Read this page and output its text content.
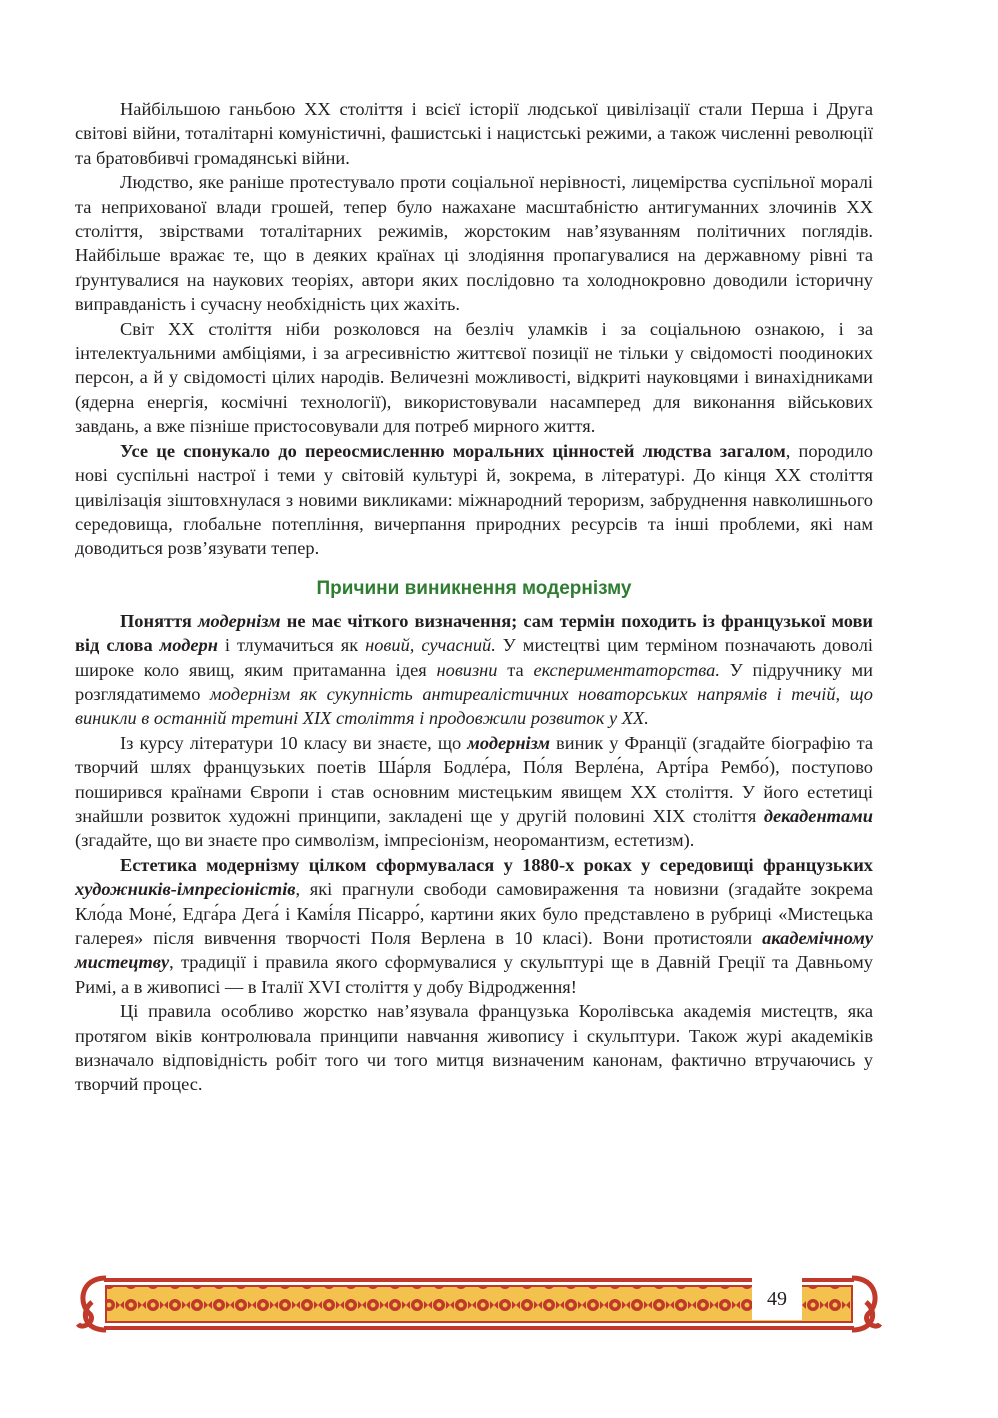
Найбільшою ганьбою XX століття і всієї історії людської цивілізації стали Перша і Друга світові війни, тоталітарні комуністичні, фашистські і нацистські режими, а також численні революції та братовбивчі громадянські війни.

Людство, яке раніше протестувало проти соціальної нерівності, лицемірства суспільної моралі та неприхованої влади грошей, тепер було нажахане масштабністю антигуманних злочинів XX століття, звірствами тоталітарних режимів, жорстоким нав’язуванням політичних поглядів. Найбільше вражає те, що в деяких країнах ці злодіяння пропагувалися на державному рівні та ґрунтувалися на наукових теоріях, автори яких послідовно та холоднокровно доводили історичну виправданість і сучасну необхідність цих жахіть.

Світ XX століття ніби розколовся на безліч уламків і за соціальною ознакою, і за інтелектуальними амбіціями, і за агресивністю життєвої позиції не тільки у свідомості поодиноких персон, а й у свідомості цілих народів. Величезні можливості, відкриті науковцями і винахідниками (ядерна енергія, космічні технології), використовували насамперед для виконання військових завдань, а вже пізніше пристосовували для потреб мирного життя.

Усе це спонукало до переосмисленню моральних цінностей людства загалом, породило нові суспільні настрої і теми у світовій культурі й, зокрема, в літературі. До кінця XX століття цивілізація зіштовхнулася з новими викликами: міжнародний тероризм, забруднення навколишнього середовища, глобальне потепління, вичерпання природних ресурсів та інші проблеми, які нам доводиться розв’язувати тепер.

Причини виникнення модернізму

Поняття модернізм не має чіткого визначення; сам термін походить із французької мови від слова модерн і тлумачиться як новий, сучасний. У мистецтві цим терміном позначають доволі широке коло явищ, яким притаманна ідея новизни та експериментаторства. У підручнику ми розглядатимемо модернізм як сукупність антиреалістичних новаторських напрямів і течій, що виникли в останній третині XIX століття і продовжили розвиток у XX.

Із курсу літератури 10 класу ви знаєте, що модернізм виник у Франції (згадайте біографію та творчий шлях французьких поетів Ша́рля Бодле́ра, По́ля Верле́на, Арті́ра Рембо́), поступово поширився країнами Європи і став основним мистецьким явищем XX століття. У його естетиці знайшли розвиток художні принципи, закладені ще у другій половині XIX століття декадентами (згадайте, що ви знаєте про символізм, імпресіонізм, неоромантизм, естетизм).

Естетика модернізму цілком сформувалася у 1880-х роках у середовищі французьких художників-імпресіоністів, які прагнули свободи самовираження та новизни (згадайте зокрема Кло́да Моне́, Едга́ра Дега́ і Камі́ля Пісарро́, картини яких було представлено в рубриці «Мистецька галерея» після вивчення творчості Поля Верлена в 10 класі). Вони протистояли академічному мистецтву, традиції і правила якого сформувалися у скульптурі ще в Давній Греції та Давньому Римі, а в живописі — в Італії XVI століття у добу Відродження!

Ці правила особливо жорстко нав’язувала французька Королівська академія мистецтв, яка протягом віків контролювала принципи навчання живопису і скульптури. Також журі академіків визначало відповідність робіт того чи того митця визначеним канонам, фактично втручаючись у творчий процес.

49
